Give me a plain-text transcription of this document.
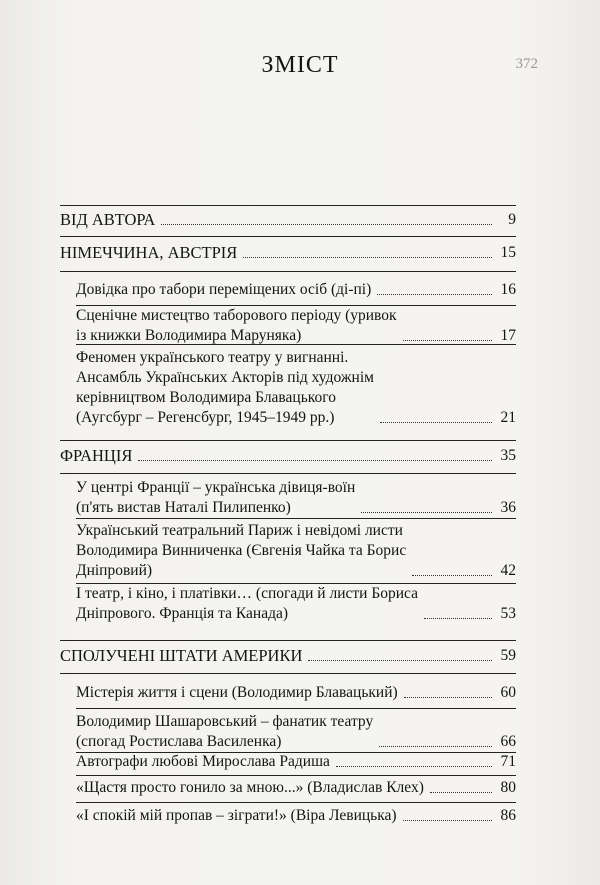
ЗМІСТ	372
ВІД АВТОРА	9
НІМЕЧЧИНА, АВСТРІЯ	15
Довідка про табори переміщених осіб (ді-пі)	16
Сценічне мистецтво таборового періоду (уривок
із книжки Володимира Маруняка)	17
Феномен українського театру у вигнанні.
Ансамбль Українських Акторів під художнім
керівництвом Володимира Блавацького
(Аугсбург – Регенсбург, 1945–1949 рр.)	21
ФРАНЦІЯ	35
У центрі Франції – українська дівиця-воїн
(п'ять вистав Наталі Пилипенко)	36
Український театральний Париж і невідомі листи
Володимира Винниченка (Євгенія Чайка та Борис
Дніпровий)	42
І театр, і кіно, і платівки… (спогади й листи Бориса
Дніпрового. Франція та Канада)	53
СПОЛУЧЕНІ ШТАТИ АМЕРИКИ	59
Містерія життя і сцени (Володимир Блавацький)	60
Володимир Шашаровський – фанатик театру
(спогад Ростислава Василенка)	66
Автографи любові Мирослава Радиша	71
«Щастя просто гонило за мною...» (Владислав Клех)	80
«І спокій мій пропав – зіграти!» (Віра Левицька)	86
